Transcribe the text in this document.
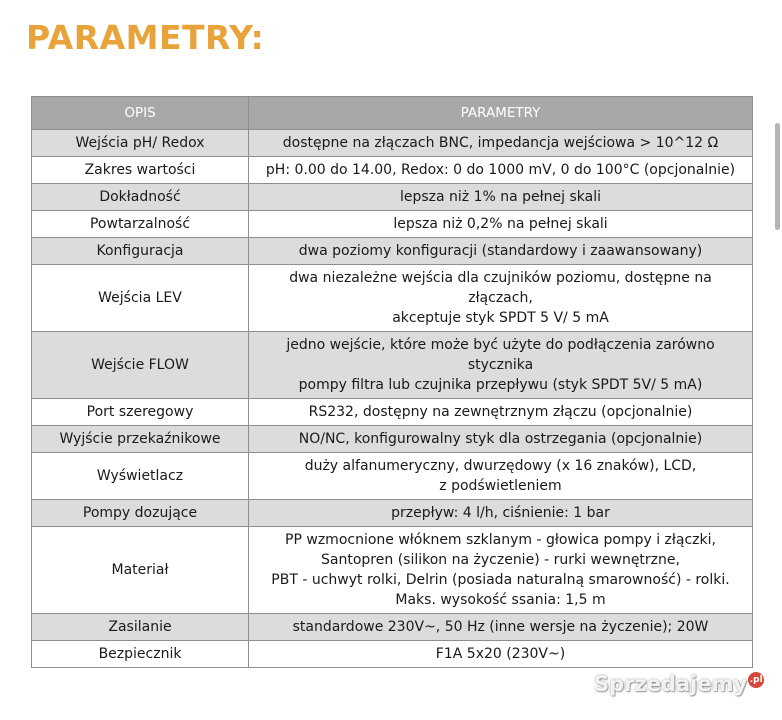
PARAMETRY:
OPIS	PARAMETRY
Wejścia pH/ Redox	dostępne na złączach BNC, impedancja wejściowa > 10^12 Ω

Zakres wartości	pH: 0.00 do 14.00, Redox: 0 do 1000 mV, 0 do 100°C (opcjonalnie)

Dokładność	lepsza niż 1% na pełnej skali

Powtarzalność	lepsza niż 0,2% na pełnej skali

Konfiguracja	dwa poziomy konfiguracji (standardowy i zaawansowany)

Wejścia LEV	dwa niezależne wejścia dla czujników poziomu, dostępne na złączach,
akceptuje styk SPDT 5 V/ 5 mA

Wejście FLOW	jedno wejście, które może być użyte do podłączenia zarówno stycznika
pompy filtra lub czujnika przepływu (styk SPDT 5V/ 5 mA)

Port szeregowy	RS232, dostępny na zewnętrznym złączu (opcjonalnie)

Wyjście przekaźnikowe	NO/NC, konfigurowalny styk dla ostrzegania (opcjonalnie)

Wyświetlacz	duży alfanumeryczny, dwurzędowy (x 16 znaków), LCD,
z podświetleniem

Pompy dozujące	przepływ: 4 l/h, ciśnienie: 1 bar

Materiał	PP wzmocnione włóknem szklanym - głowica pompy i złączki,
Santopren (silikon na życzenie) - rurki wewnętrzne,
PBT - uchwyt rolki, Delrin (posiada naturalną smarowność) - rolki.
Maks. wysokość ssania: 1,5 m

Zasilanie	standardowe 230V~, 50 Hz (inne wersje na życzenie); 20W

Bezpiecznik	F1A 5x20 (230V~)
Sprzedajemy .pl
